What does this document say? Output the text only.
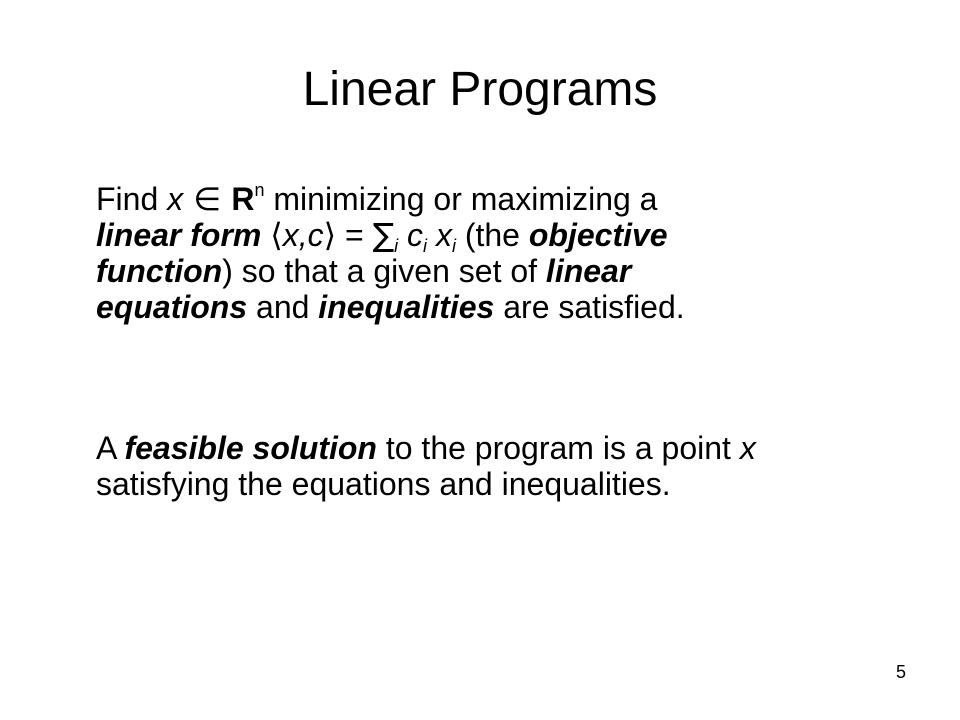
Linear Programs
Find x ∈ $R^n$ minimizing or maximizing a
linear form ⟨x,c⟩ = $\sum_i$ $c_i$ $x_i$ (the objective
function) so that a given set of linear
equations and inequalities are satisfied.
A feasible solution to the program is a point x satisfying the equations and inequalities.
5
